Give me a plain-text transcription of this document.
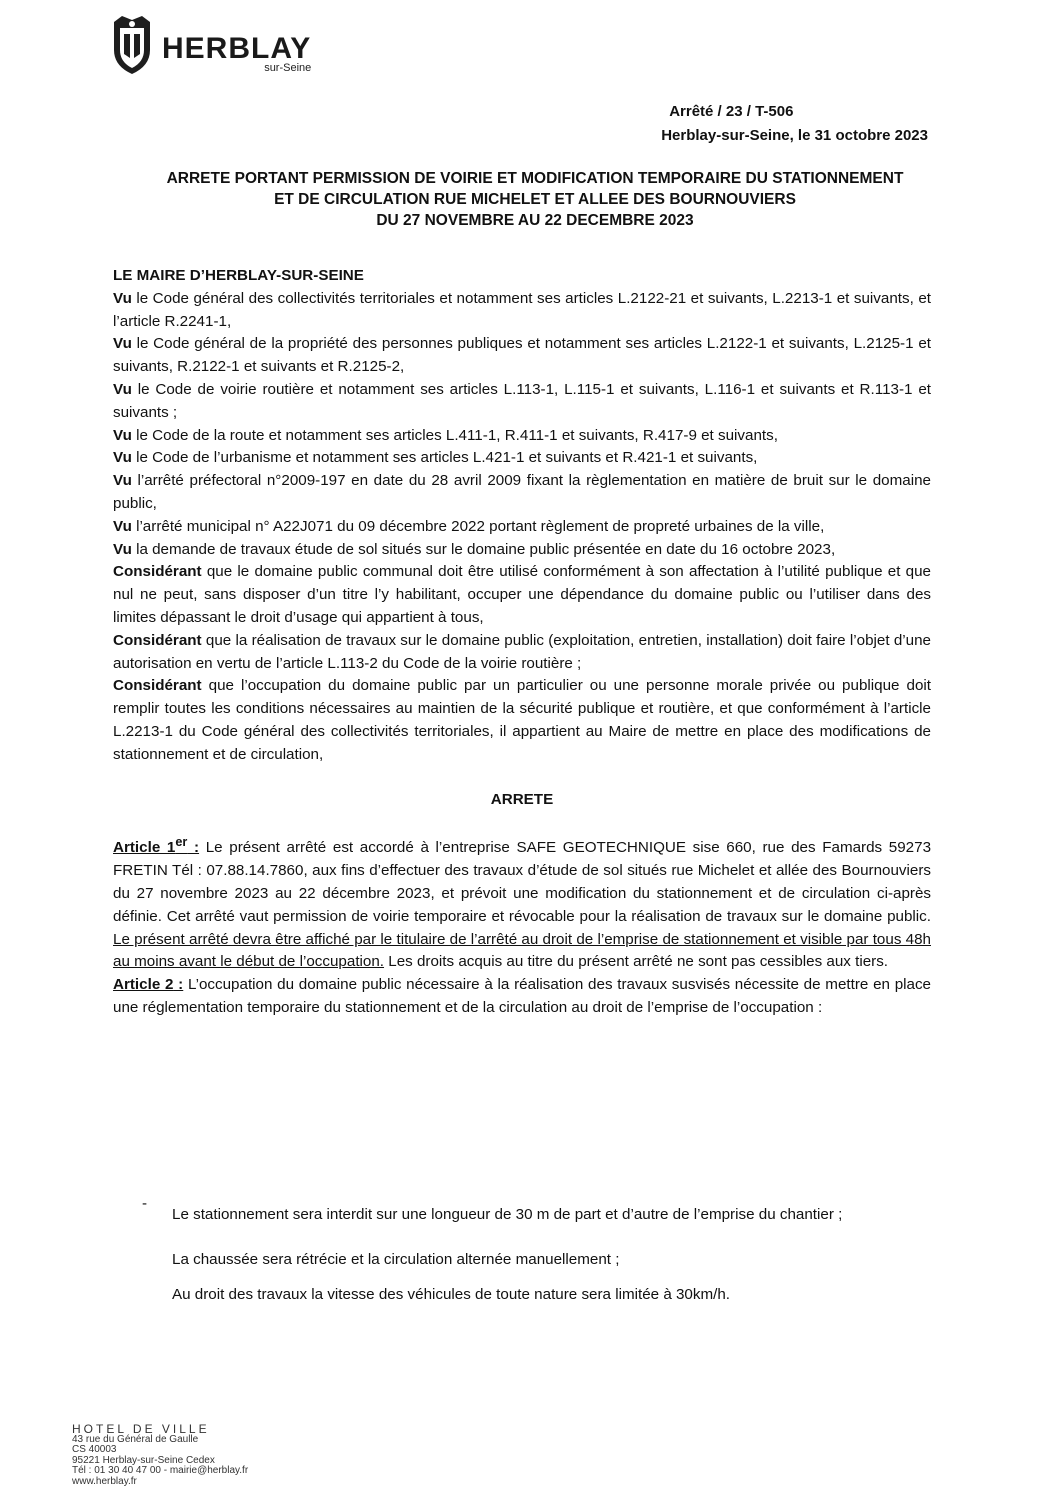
HERBLAY
sur-Seine
Arrêté / 23 / T-506
Herblay-sur-Seine, le 31 octobre 2023
ARRETE PORTANT PERMISSION DE VOIRIE ET MODIFICATION TEMPORAIRE DU STATIONNEMENT
ET DE CIRCULATION RUE MICHELET ET ALLEE DES BOURNOUVIERS
DU 27 NOVEMBRE AU 22 DECEMBRE 2023

LE MAIRE D’HERBLAY-SUR-SEINE

Vu le Code général des collectivités territoriales et notamment ses articles L.2122-21 et suivants, L.2213-1 et suivants, et l’article R.2241-1,

Vu le Code général de la propriété des personnes publiques et notamment ses articles L.2122-1 et suivants, L.2125-1 et suivants, R.2122-1 et suivants et R.2125-2,

Vu le Code de voirie routière et notamment ses articles L.113-1, L.115-1 et suivants, L.116-1 et suivants et R.113-1 et suivants ;

Vu le Code de la route et notamment ses articles L.411-1, R.411-1 et suivants, R.417-9 et suivants,

Vu le Code de l’urbanisme et notamment ses articles L.421-1 et suivants et R.421-1 et suivants,

Vu l’arrêté préfectoral n°2009-197 en date du 28 avril 2009 fixant la règlementation en matière de bruit sur le domaine public,

Vu l’arrêté municipal n° A22J071 du 09 décembre 2022 portant règlement de propreté urbaines de la ville,

Vu la demande de travaux étude de sol situés sur le domaine public présentée en date du 16 octobre 2023,

Considérant que le domaine public communal doit être utilisé conformément à son affectation à l’utilité publique et que nul ne peut, sans disposer d’un titre l’y habilitant, occuper une dépendance du domaine public ou l’utiliser dans des limites dépassant le droit d’usage qui appartient à tous,

Considérant que la réalisation de travaux sur le domaine public (exploitation, entretien, installation) doit faire l’objet d’une autorisation en vertu de l’article L.113-2 du Code de la voirie routière ;

Considérant que l’occupation du domaine public par un particulier ou une personne morale privée ou publique doit remplir toutes les conditions nécessaires au maintien de la sécurité publique et routière, et que conformément à l’article L.2213-1 du Code général des collectivités territoriales, il appartient au Maire de mettre en place des modifications de stationnement et de circulation,

ARRETE

Article 1er : Le présent arrêté est accordé à l’entreprise SAFE GEOTECHNIQUE sise 660, rue des Famards 59273 FRETIN Tél : 07.88.14.7860, aux fins d’effectuer des travaux d’étude de sol situés rue Michelet et allée des Bournouviers du 27 novembre 2023 au 22 décembre 2023, et prévoit une modification du stationnement et de circulation ci-après définie. Cet arrêté vaut permission de voirie temporaire et révocable pour la réalisation de travaux sur le domaine public. Le présent arrêté devra être affiché par le titulaire de l’arrêté au droit de l’emprise de stationnement et visible par tous 48h au moins avant le début de l’occupation. Les droits acquis au titre du présent arrêté ne sont pas cessibles aux tiers.

Article 2 : L’occupation du domaine public nécessaire à la réalisation des travaux susvisés nécessite de mettre en place une réglementation temporaire du stationnement et de la circulation au droit de l’emprise de l’occupation :

-
Le stationnement sera interdit sur une longueur de 30 m de part et d’autre de l’emprise du chantier ;
La chaussée sera rétrécie et la circulation alternée manuellement ;
Au droit des travaux la vitesse des véhicules de toute nature sera limitée à 30km/h.
HOTEL DE VILLE
43 rue du Général de Gaulle
CS 40003
95221 Herblay-sur-Seine Cedex
Tél : 01 30 40 47 00 - mairie@herblay.fr
www.herblay.fr
